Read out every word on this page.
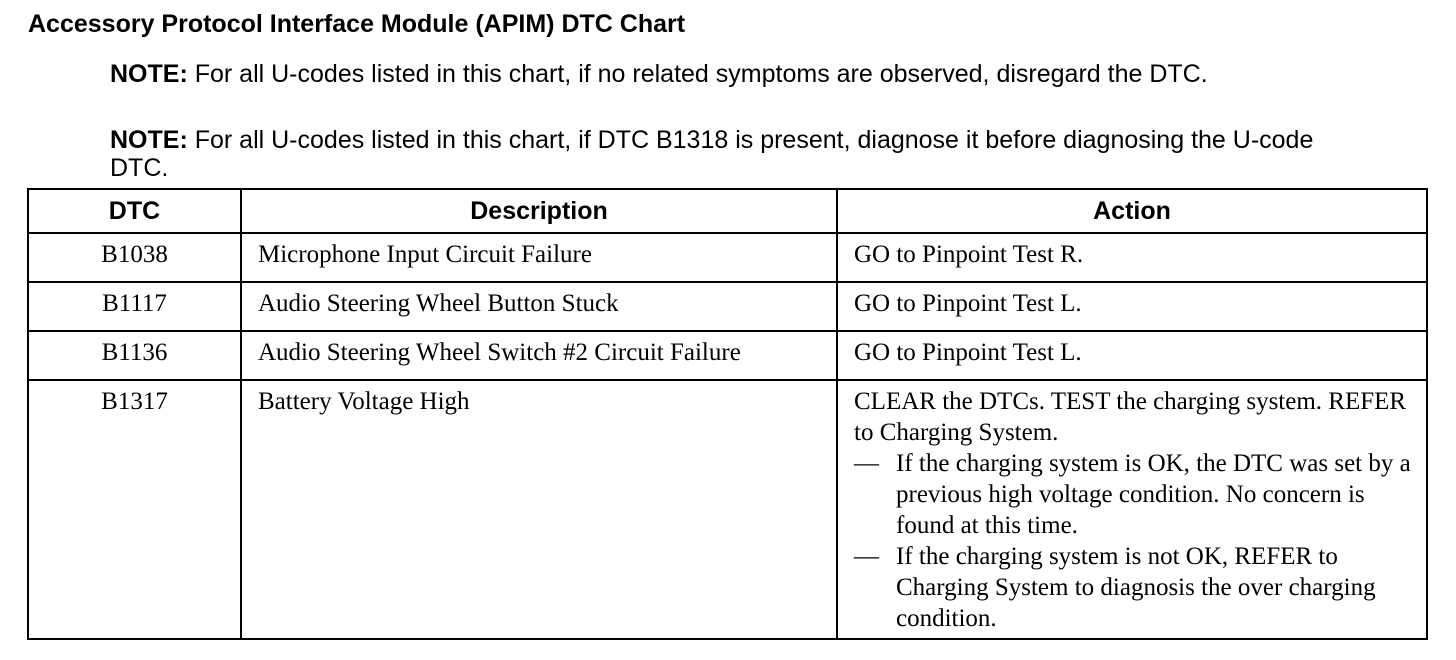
Accessory Protocol Interface Module (APIM) DTC Chart
NOTE: For all U-codes listed in this chart, if no related symptoms are observed, disregard the DTC.
NOTE: For all U-codes listed in this chart, if DTC B1318 is present, diagnose it before diagnosing the U-code DTC.
DTC	Description	Action
B1038	Microphone Input Circuit Failure	GO to Pinpoint Test R.
B1117	Audio Steering Wheel Button Stuck	GO to Pinpoint Test L.
B1136	Audio Steering Wheel Switch #2 Circuit Failure	GO to Pinpoint Test L.
B1317	Battery Voltage High	CLEAR the DTCs. TEST the charging system. REFER to Charging System.
— If the charging system is OK, the DTC was set by a previous high voltage condition. No concern is found at this time.
— If the charging system is not OK, REFER to Charging System to diagnosis the over charging condition.
